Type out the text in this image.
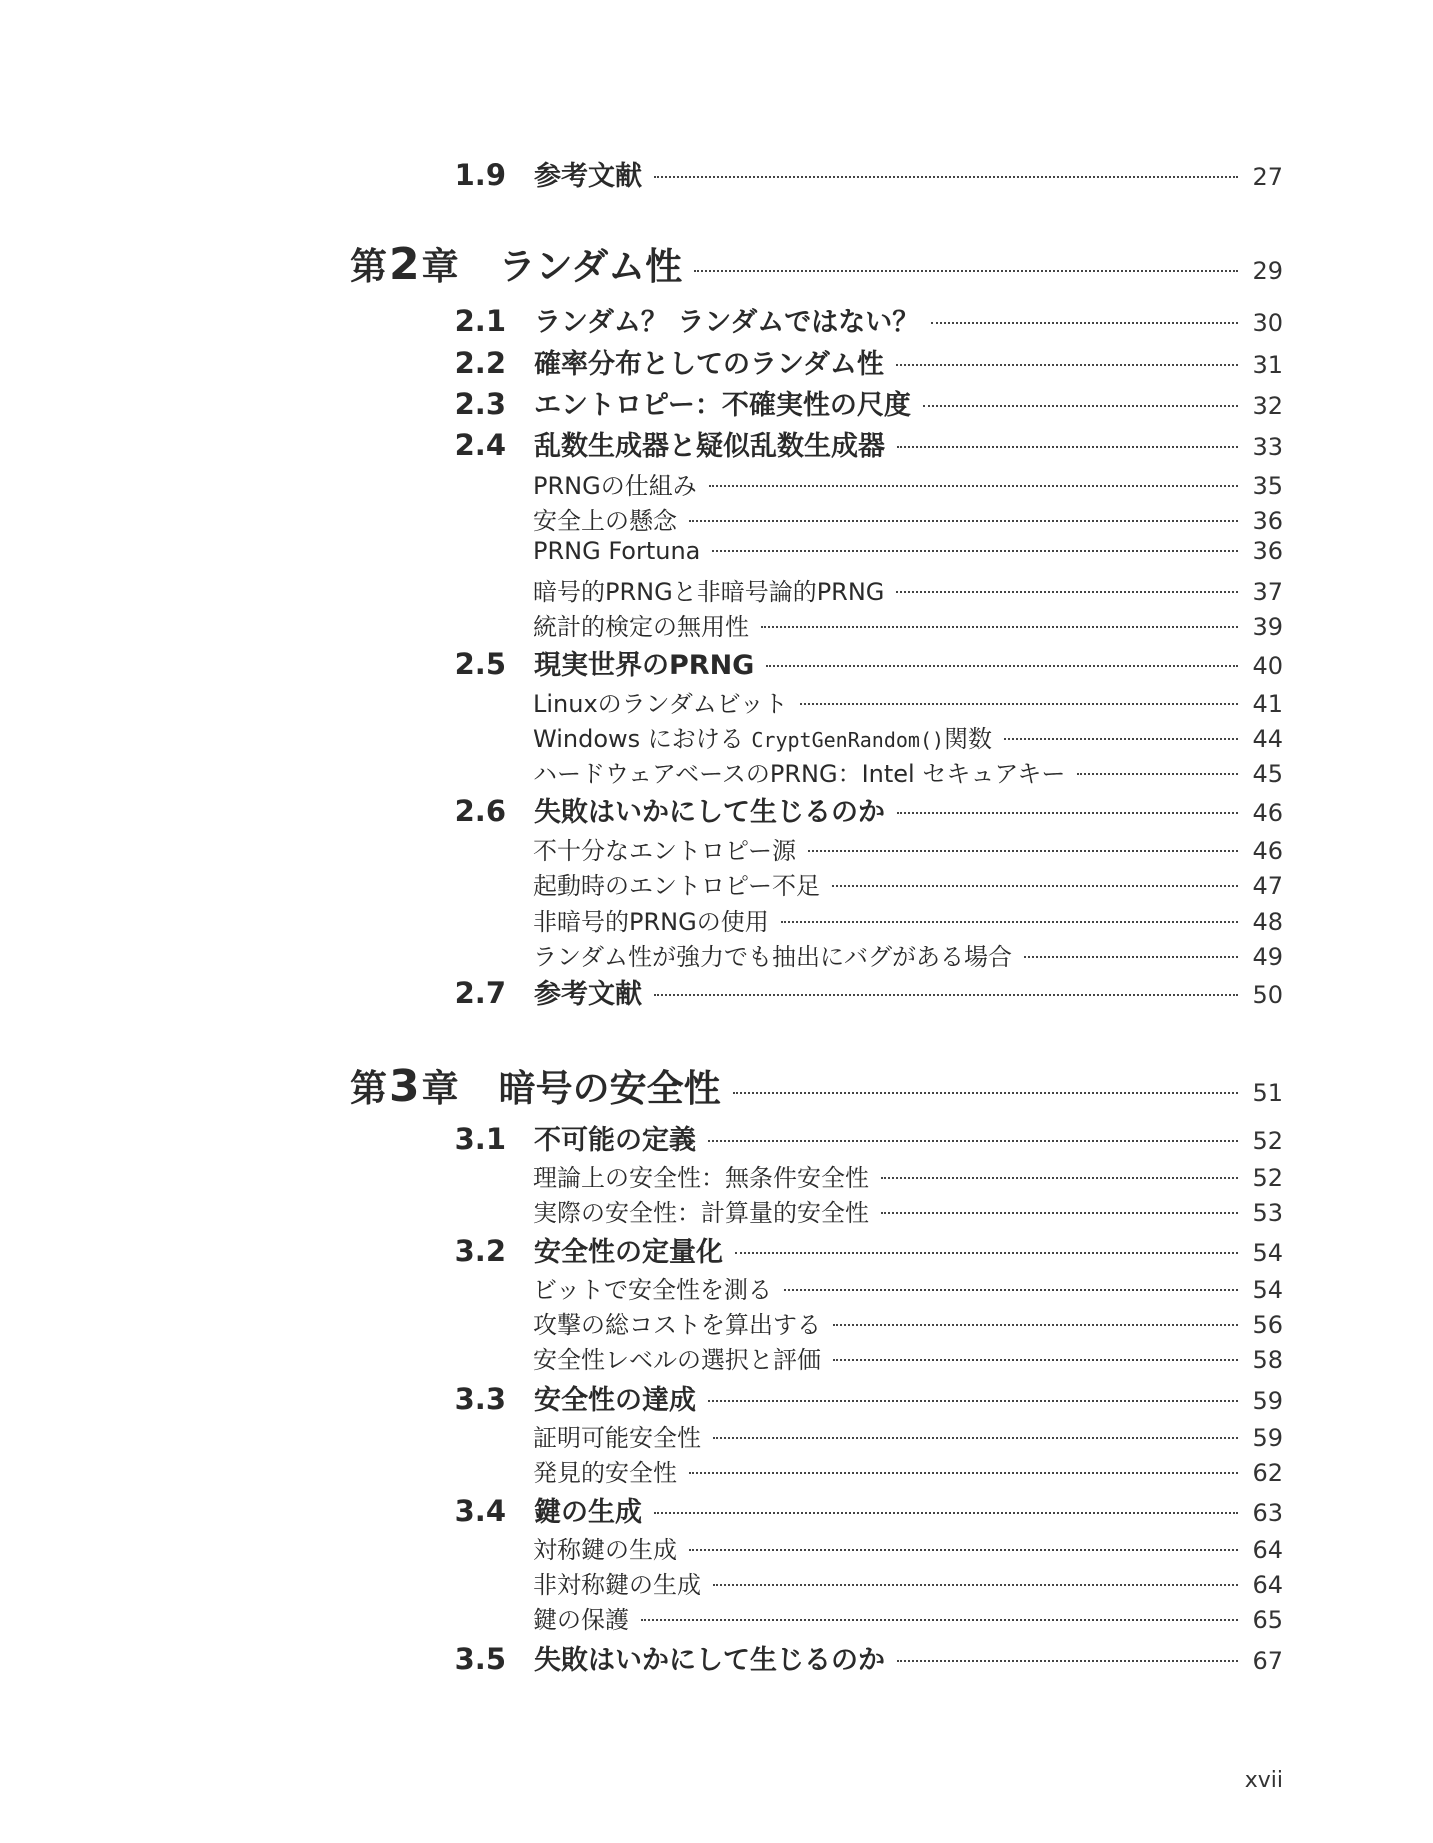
1.9 参考文献	27
第 2 章 ランダム性	29
2.1 ランダム？ ランダムではない？	30
2.2 確率分布としてのランダム性	31
2.3 エントロピー：不確実性の尺度	32
2.4 乱数生成器と疑似乱数生成器	33
PRNGの仕組み	35
安全上の懸念	36
PRNG Fortuna	36
暗号的PRNGと非暗号論的PRNG	37
統計的検定の無用性	39
2.5 現実世界のPRNG	40
Linuxのランダムビット	41
Windows における CryptGenRandom()関数	44
ハードウェアベースのPRNG：Intel セキュアキー	45
2.6 失敗はいかにして生じるのか	46
不十分なエントロピー源	46
起動時のエントロピー不足	47
非暗号的PRNGの使用	48
ランダム性が強力でも抽出にバグがある場合	49
2.7 参考文献	50
第 3 章 暗号の安全性	51
3.1 不可能の定義	52
理論上の安全性：無条件安全性	52
実際の安全性：計算量的安全性	53
3.2 安全性の定量化	54
ビットで安全性を測る	54
攻撃の総コストを算出する	56
安全性レベルの選択と評価	58
3.3 安全性の達成	59
証明可能安全性	59
発見的安全性	62
3.4 鍵の生成	63
対称鍵の生成	64
非対称鍵の生成	64
鍵の保護	65
3.5 失敗はいかにして生じるのか	67
xvii
